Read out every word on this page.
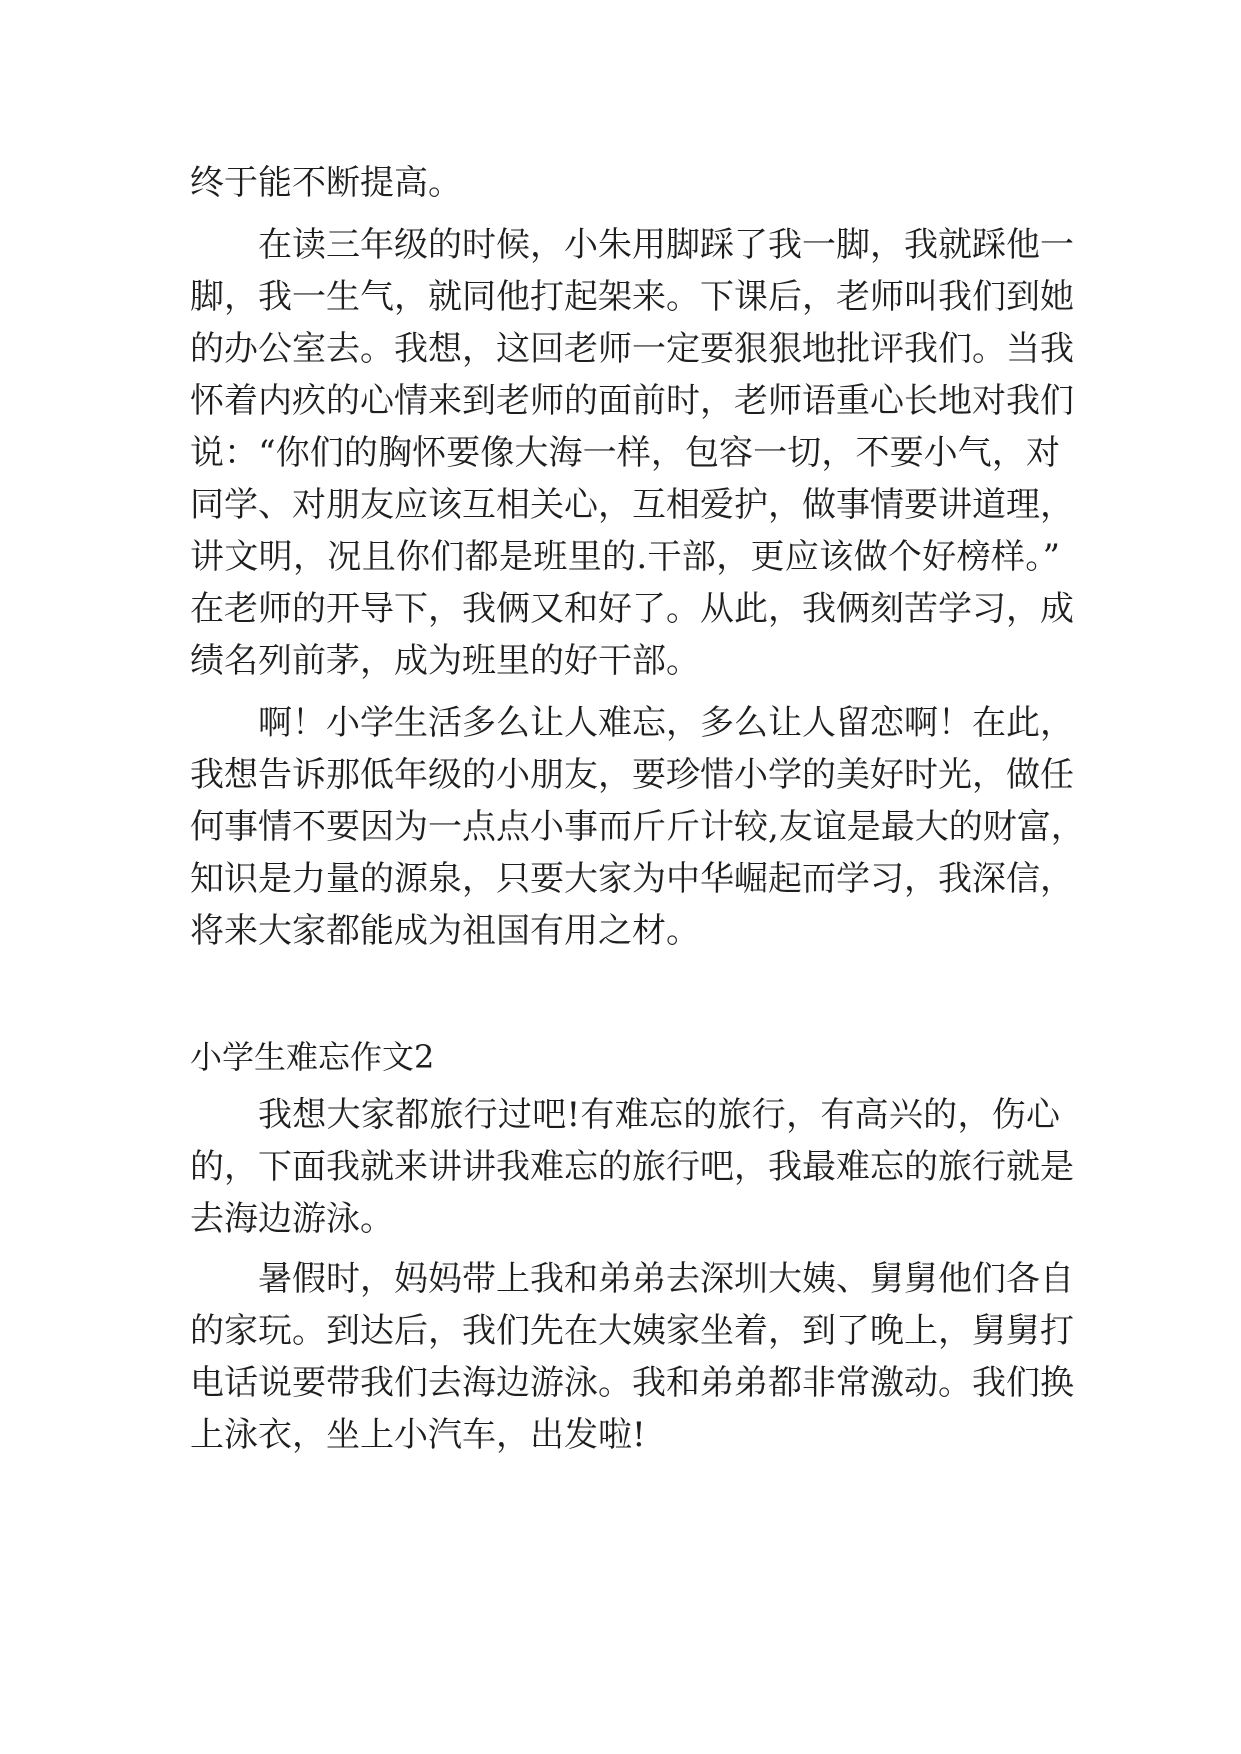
终于能不断提高。

在读三年级的时候，小朱用脚踩了我一脚，我就踩他一

脚，我一生气，就同他打起架来。下课后，老师叫我们到她

的办公室去。我想，这回老师一定要狠狠地批评我们。当我

怀着内疚的心情来到老师的面前时，老师语重心长地对我们

说：“你们的胸怀要像大海一样，包容一切，不要小气，对

同学、对朋友应该互相关心，互相爱护，做事情要讲道理，

讲文明，况且你们都是班里的.干部，更应该做个好榜样。”

在老师的开导下，我俩又和好了。从此，我俩刻苦学习，成

绩名列前茅，成为班里的好干部。

啊！小学生活多么让人难忘，多么让人留恋啊！在此，

我想告诉那低年级的小朋友，要珍惜小学的美好时光，做任

何事情不要因为一点点小事而斤斤计较,友谊是最大的财富，

知识是力量的源泉，只要大家为中华崛起而学习，我深信，

将来大家都能成为祖国有用之材。

小学生难忘作文2

我想大家都旅行过吧!有难忘的旅行，有高兴的，伤心

的，下面我就来讲讲我难忘的旅行吧，我最难忘的旅行就是

去海边游泳。

暑假时，妈妈带上我和弟弟去深圳大姨、舅舅他们各自

的家玩。到达后，我们先在大姨家坐着，到了晚上，舅舅打

电话说要带我们去海边游泳。我和弟弟都非常激动。我们换

上泳衣，坐上小汽车，出发啦!
